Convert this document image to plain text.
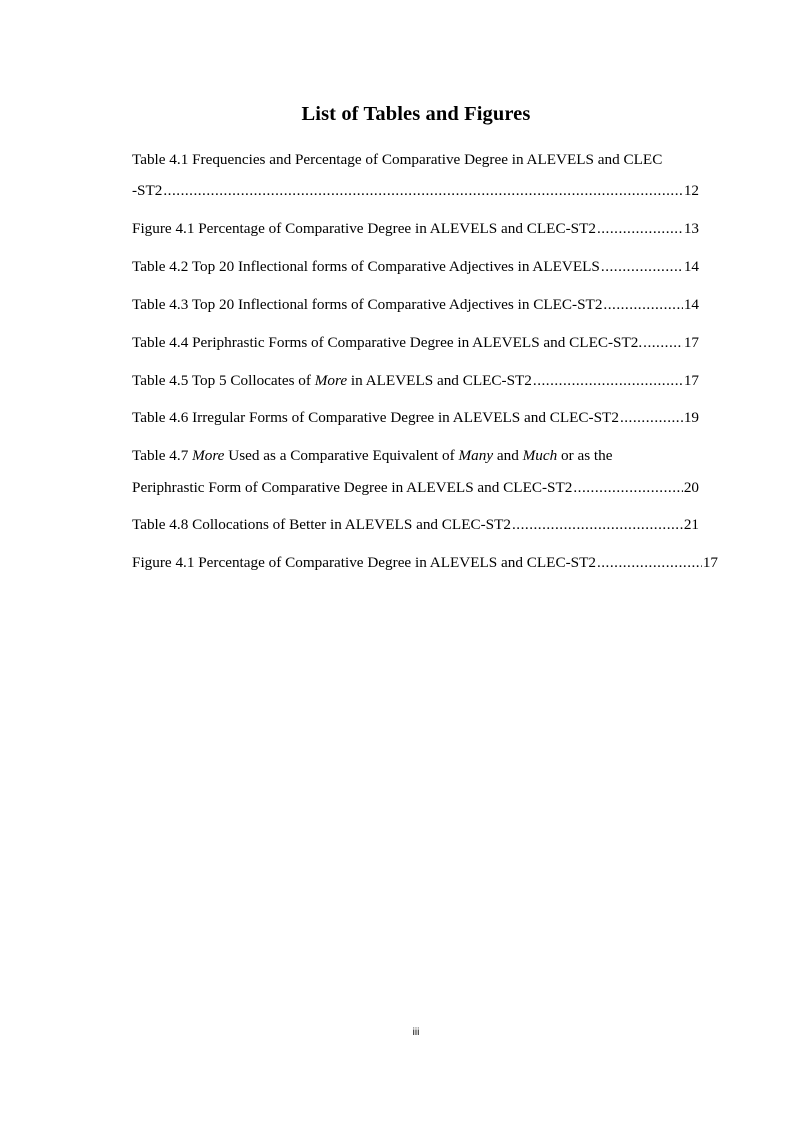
List of Tables and Figures
Table 4.1 Frequencies and Percentage of Comparative Degree in ALEVELS and CLEC
-ST2 .....	12
Figure 4.1 Percentage of Comparative Degree in ALEVELS and CLEC-ST2 .....	13
Table 4.2 Top 20 Inflectional forms of Comparative Adjectives in ALEVELS .....	14
Table 4.3 Top 20 Inflectional forms of Comparative Adjectives in CLEC-ST2 .....	14
Table 4.4 Periphrastic Forms of Comparative Degree in ALEVELS and CLEC-ST2. .....	17
Table 4.5 Top 5 Collocates of More in ALEVELS and CLEC-ST2 .....	17
Table 4.6 Irregular Forms of Comparative Degree in ALEVELS and CLEC-ST2 .....	19
Table 4.7 More Used as a Comparative Equivalent of Many and Much or as the
Periphrastic Form of Comparative Degree in ALEVELS and CLEC-ST2 .....	20
Table 4.8 Collocations of Better in ALEVELS and CLEC-ST2 .....	21
Figure 4.1 Percentage of Comparative Degree in ALEVELS and CLEC-ST2 .....	17
iii
